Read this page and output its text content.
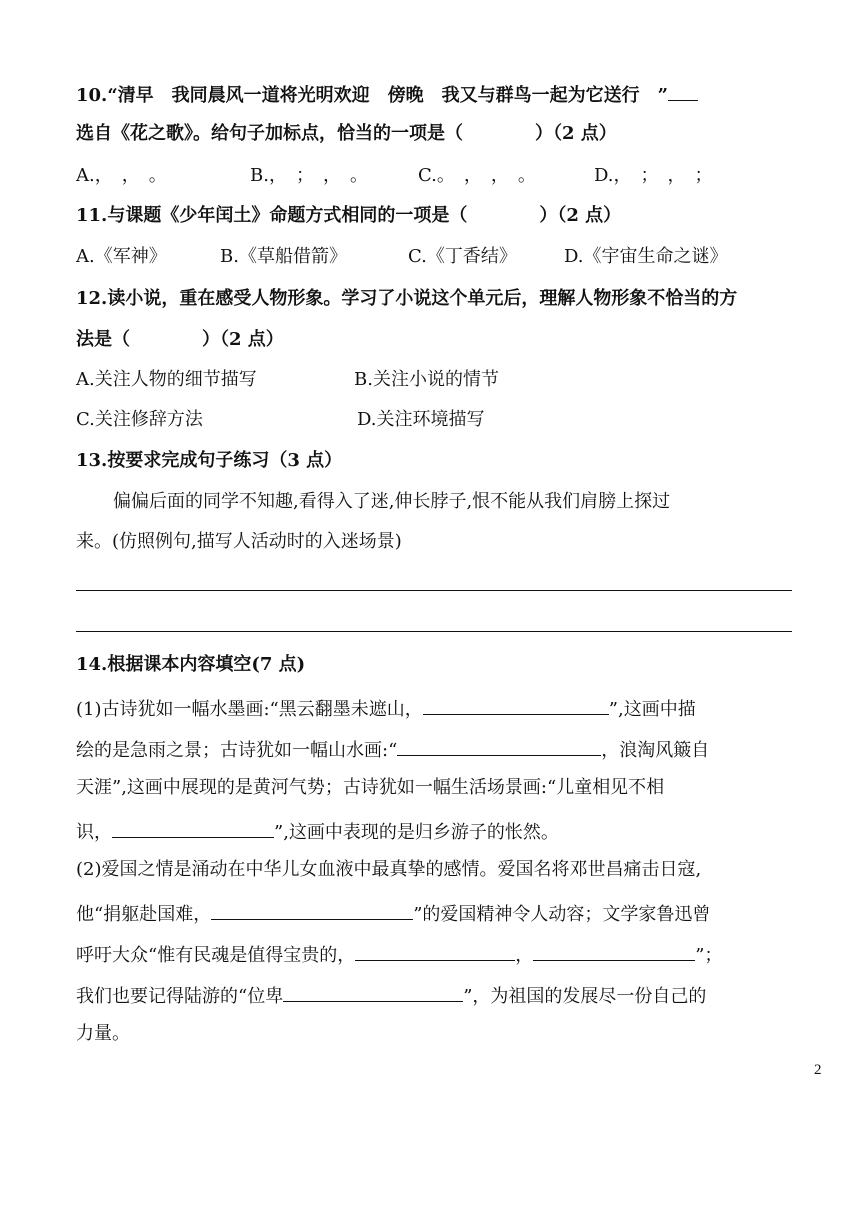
10.“清早　我同晨风一道将光明欢迎　傍晚　我又与群鸟一起为它送行　”
选自《花之歌》。给句子加标点，恰当的一项是（	）（2 点）
A.，　，　。	B.，　；　，　。	C.。　，　，　。	D.，　；　，　；
11.与课题《少年闰土》命题方式相同的一项是（	）（2 点）
A.《军神》	B.《草船借箭》	C.《丁香结》	D.《宇宙生命之谜》
12.读小说，重在感受人物形象。学习了小说这个单元后，理解人物形象不恰当的方
法是（	）（2 点）
A.关注人物的细节描写	B.关注小说的情节
C.关注修辞方法	D.关注环境描写
13.按要求完成句子练习（3 点）
偏偏后面的同学不知趣,看得入了迷,伸长脖子,恨不能从我们肩膀上探过
来。(仿照例句,描写人活动时的入迷场景)
14.根据课本内容填空(7 点)
(1)古诗犹如一幅水墨画:“黑云翻墨未遮山，	”,这画中描
绘的是急雨之景；古诗犹如一幅山水画:“	，浪淘风簸自
天涯”,这画中展现的是黄河气势；古诗犹如一幅生活场景画:“儿童相见不相
识，	”,这画中表现的是归乡游子的怅然。
(2)爱国之情是涌动在中华儿女血液中最真挚的感情。爱国名将邓世昌痛击日寇,
他“捐躯赴国难，	”的爱国精神令人动容；文学家鲁迅曾
呼吁大众“惟有民魂是值得宝贵的，	，	”；
我们也要记得陆游的“位卑	”，为祖国的发展尽一份自己的
力量。
2
